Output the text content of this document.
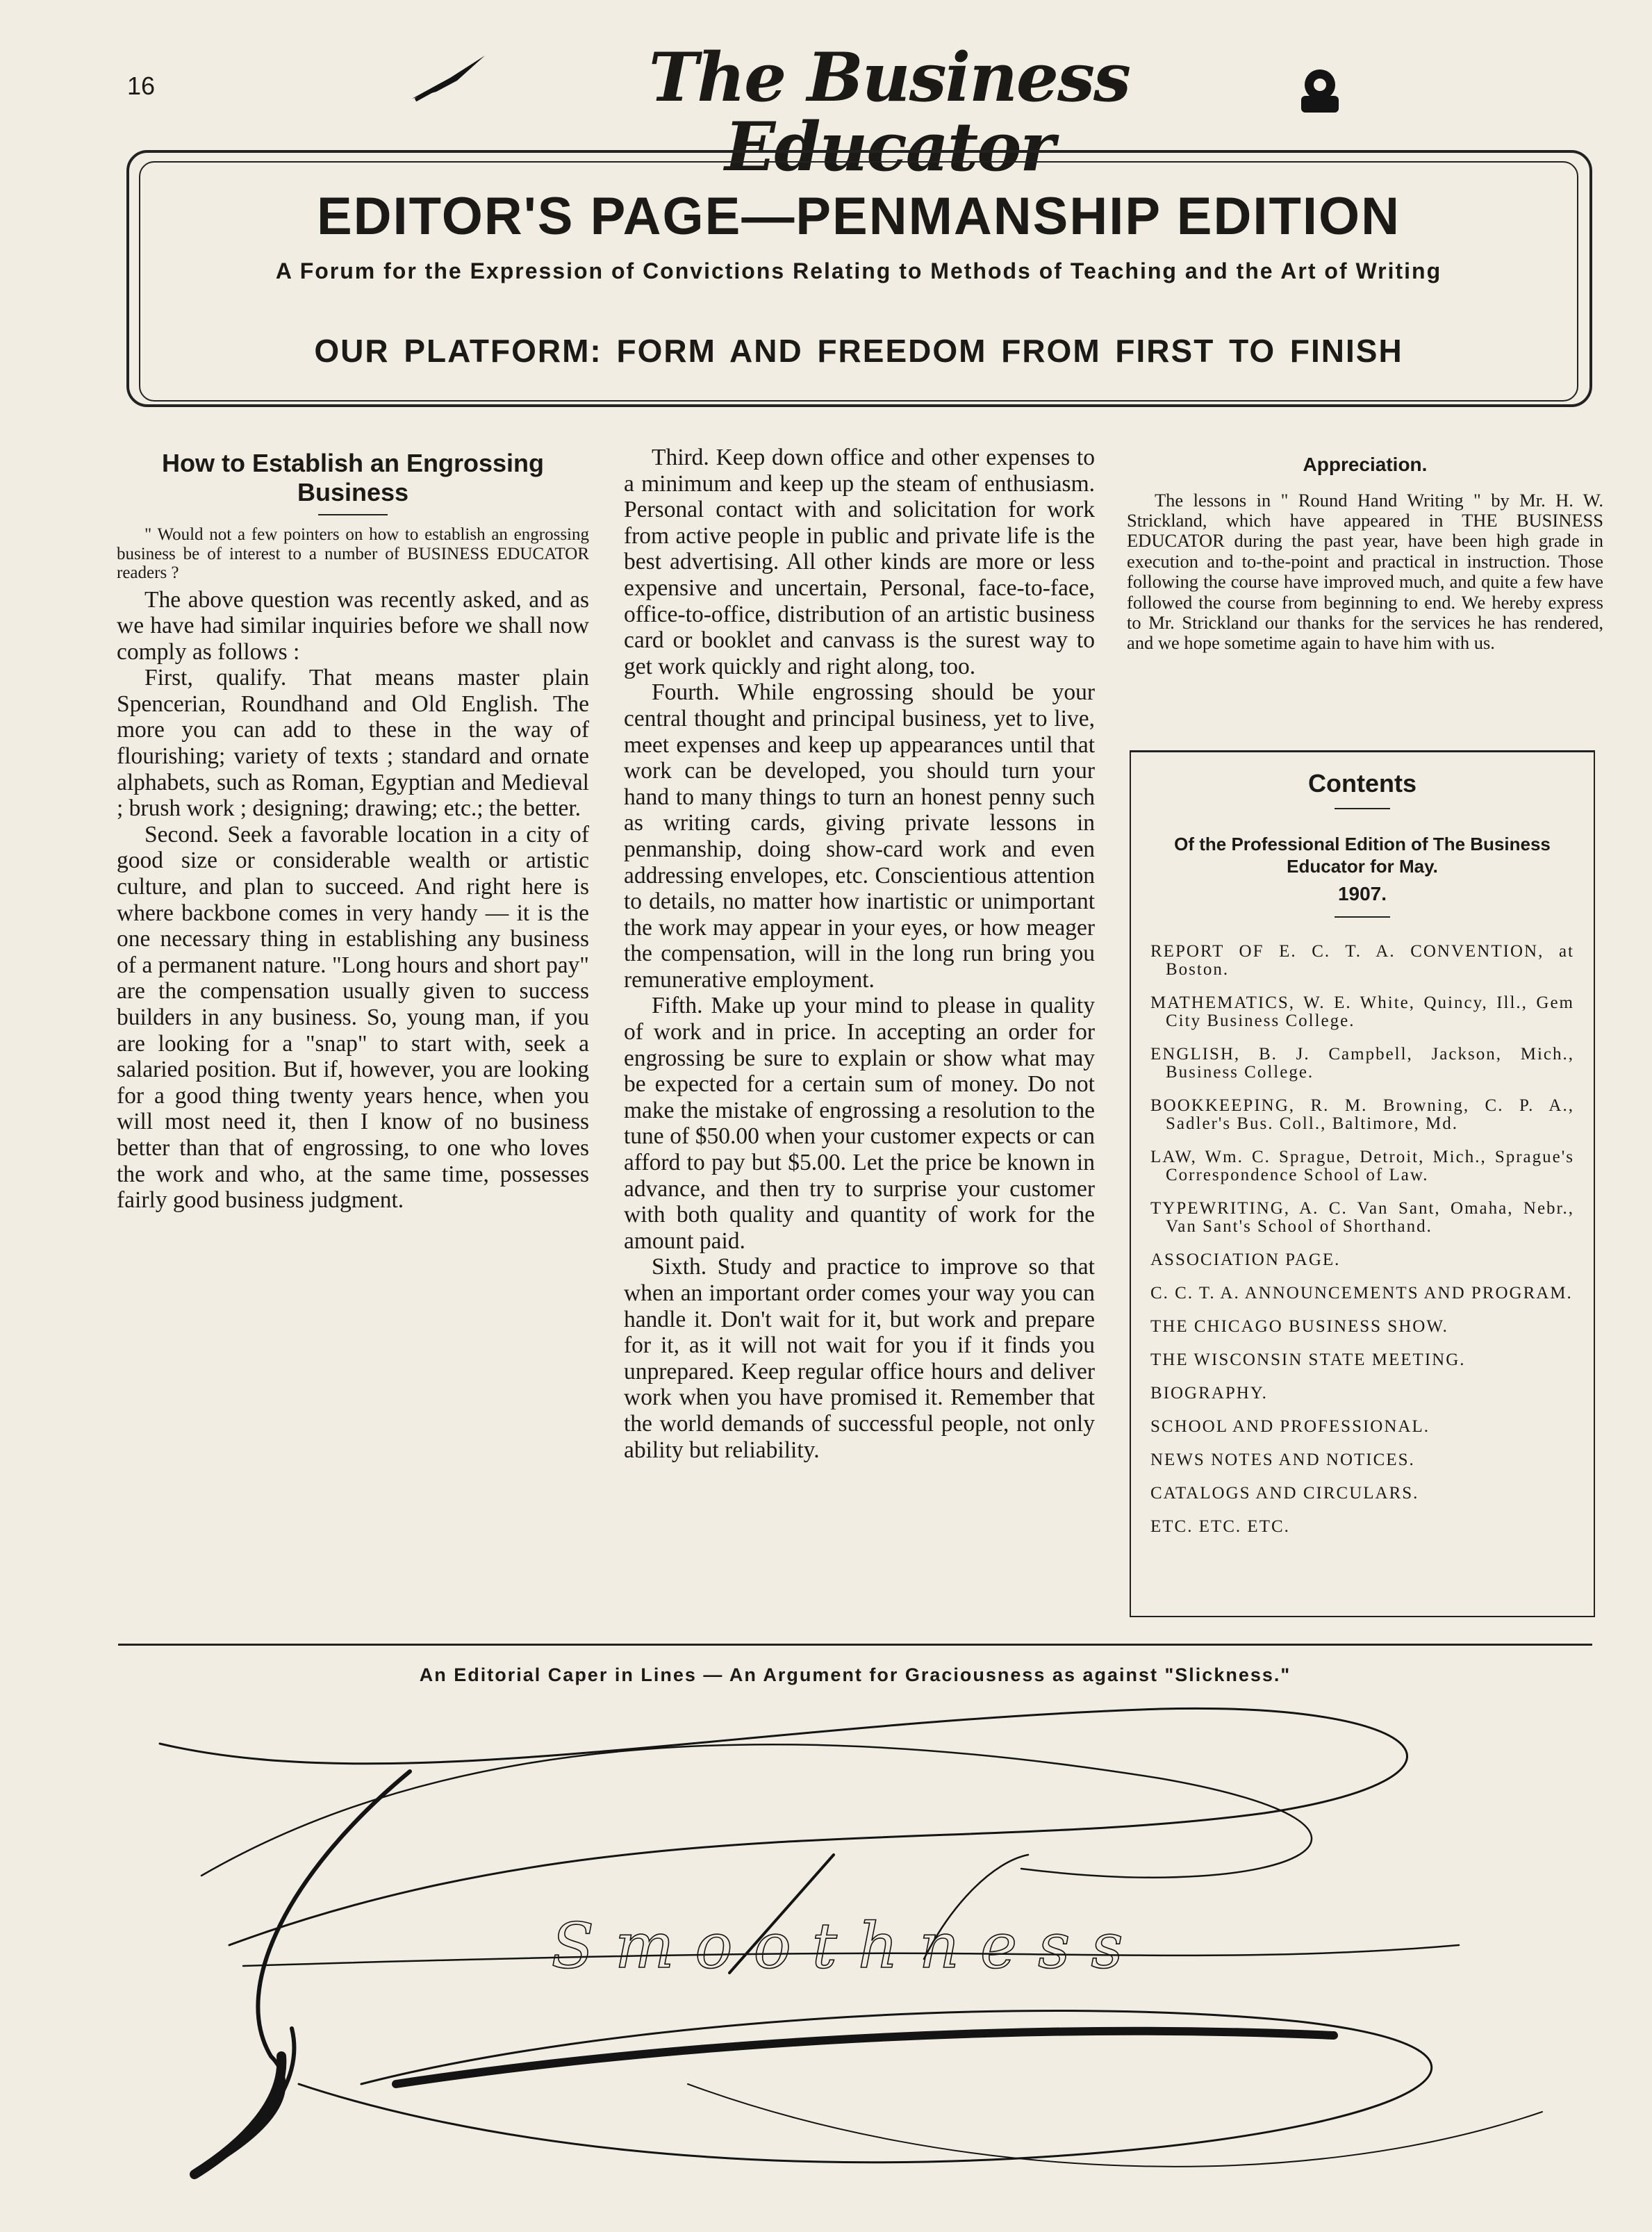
16	The Business Educator
EDITOR'S PAGE—PENMANSHIP EDITION
A Forum for the Expression of Convictions Relating to Methods of Teaching and the Art of Writing
OUR PLATFORM: FORM AND FREEDOM FROM FIRST TO FINISH
How to Establish an Engrossing Business

" Would not a few pointers on how to establish an engrossing business be of interest to a number of BUSINESS EDUCATOR readers ?

The above question was recently asked, and as we have had similar inquiries before we shall now comply as follows :

First, qualify. That means master plain Spencerian, Roundhand and Old English. The more you can add to these in the way of flourishing; variety of texts ; standard and ornate alphabets, such as Roman, Egyptian and Medieval ; brush work ; designing; drawing; etc.; the better.

Second. Seek a favorable location in a city of good size or considerable wealth or artistic culture, and plan to succeed. And right here is where backbone comes in very handy — it is the one necessary thing in establishing any business of a permanent nature. "Long hours and short pay" are the compensation usually given to success builders in any business. So, young man, if you are looking for a "snap" to start with, seek a salaried position. But if, however, you are looking for a good thing twenty years hence, when you will most need it, then I know of no business better than that of engrossing, to one who loves the work and who, at the same time, possesses fairly good business judgment.

Third. Keep down office and other expenses to a minimum and keep up the steam of enthusiasm. Personal contact with and solicitation for work from active people in public and private life is the best advertising. All other kinds are more or less expensive and uncertain, Personal, face-to-face, office-to-office, distribution of an artistic business card or booklet and canvass is the surest way to get work quickly and right along, too.

Fourth. While engrossing should be your central thought and principal business, yet to live, meet expenses and keep up appearances until that work can be developed, you should turn your hand to many things to turn an honest penny such as writing cards, giving private lessons in penmanship, doing show-card work and even addressing envelopes, etc. Conscientious attention to details, no matter how inartistic or unimportant the work may appear in your eyes, or how meager the compensation, will in the long run bring you remunerative employment.

Fifth. Make up your mind to please in quality of work and in price. In accepting an order for engrossing be sure to explain or show what may be expected for a certain sum of money. Do not make the mistake of engrossing a resolution to the tune of $50.00 when your customer expects or can afford to pay but $5.00. Let the price be known in advance, and then try to surprise your customer with both quality and quantity of work for the amount paid.

Sixth. Study and practice to improve so that when an important order comes your way you can handle it. Don't wait for it, but work and prepare for it, as it will not wait for you if it finds you unprepared. Keep regular office hours and deliver work when you have promised it. Remember that the world demands of successful people, not only ability but reliability.

Appreciation.

The lessons in " Round Hand Writing " by Mr. H. W. Strickland, which have appeared in THE BUSINESS EDUCATOR during the past year, have been high grade in execution and to-the-point and practical in instruction. Those following the course have improved much, and quite a few have followed the course from beginning to end. We hereby express to Mr. Strickland our thanks for the services he has rendered, and we hope sometime again to have him with us.

Contents
Of the Professional Edition of The Business Educator for May.
1907.
REPORT OF E. C. T. A. CONVENTION, at Boston.
MATHEMATICS, W. E. White, Quincy, Ill., Gem City Business College.
ENGLISH, B. J. Campbell, Jackson, Mich., Business College.
BOOKKEEPING, R. M. Browning, C. P. A., Sadler's Bus. Coll., Baltimore, Md.
LAW, Wm. C. Sprague, Detroit, Mich., Sprague's Correspondence School of Law.
TYPEWRITING, A. C. Van Sant, Omaha, Nebr., Van Sant's School of Shorthand.
ASSOCIATION PAGE.
C. C. T. A. ANNOUNCEMENTS AND PROGRAM.
THE CHICAGO BUSINESS SHOW.
THE WISCONSIN STATE MEETING.
BIOGRAPHY.
SCHOOL AND PROFESSIONAL.
NEWS NOTES AND NOTICES.
CATALOGS AND CIRCULARS.
ETC. ETC. ETC.
An Editorial Caper in Lines — An Argument for Graciousness as against "Slickness."
Smoothness
